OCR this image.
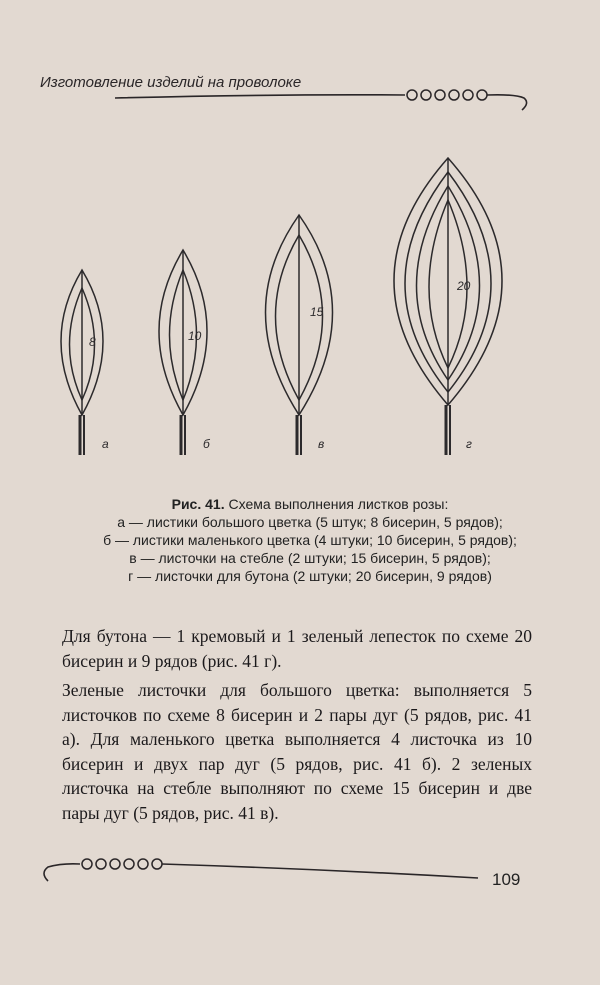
Изготовление изделий на проволоке
8
а
10
б
15
в
20
г
Рис. 41. Схема выполнения листков розы:
а — листики большого цветка (5 штук; 8 бисерин, 5 рядов);
б — листики маленького цветка (4 штуки; 10 бисерин, 5 рядов);
в — листочки на стебле (2 штуки; 15 бисерин, 5 рядов);
г — листочки для бутона (2 штуки; 20 бисерин, 9 рядов)

Для бутона — 1 кремовый и 1 зеленый лепесток по схеме 20 бисерин и 9 рядов (рис. 41 г).

Зеленые листочки для большого цветка: выполняется 5 листочков по схеме 8 бисерин и 2 пары дуг (5 рядов, рис. 41 а). Для маленького цветка выполняется 4 листочка из 10 бисерин и двух пар дуг (5 рядов, рис. 41 б). 2 зеленых листочка на стебле выполняют по схеме 15 бисерин и две пары дуг (5 рядов, рис. 41 в).

109
